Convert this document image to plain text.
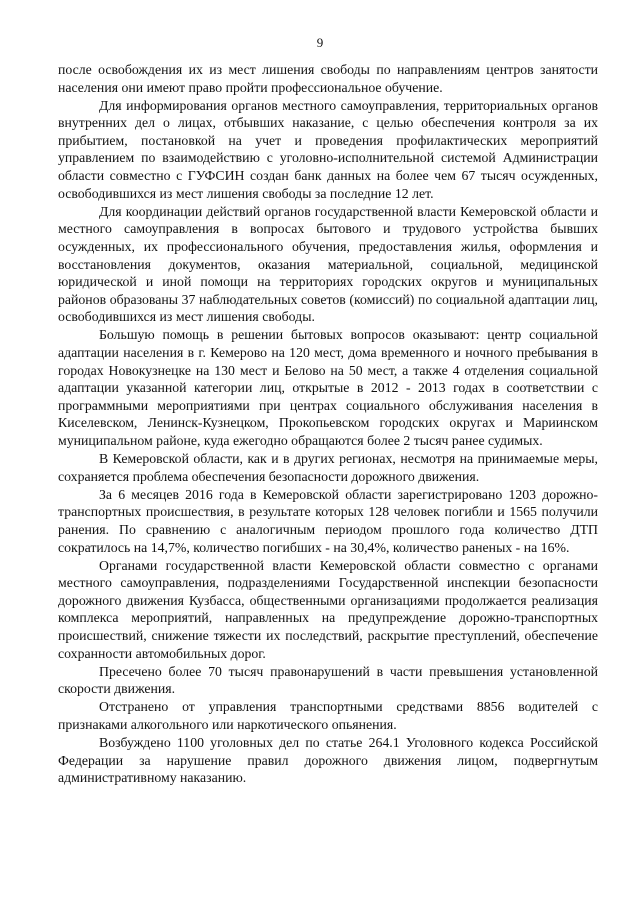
9

после освобождения их из мест лишения свободы по направлениям центров занятости населения они имеют право пройти профессиональное обучение.

Для информирования органов местного самоуправления, территориальных органов внутренних дел о лицах, отбывших наказание, с целью обеспечения контроля за их прибытием, постановкой на учет и проведения профилактических мероприятий управлением по взаимодействию с уголовно-исполнительной системой Администрации области совместно с ГУФСИН создан банк данных на более чем 67 тысяч осужденных, освободившихся из мест лишения свободы за последние 12 лет.

Для координации действий органов государственной власти Кемеровской области и местного самоуправления в вопросах бытового и трудового устройства бывших осужденных, их профессионального обучения, предоставления жилья, оформления и восстановления документов, оказания материальной, социальной, медицинской юридической и иной помощи на территориях городских округов и муниципальных районов образованы 37 наблюдательных советов (комиссий) по социальной адаптации лиц, освободившихся из мест лишения свободы.

Большую помощь в решении бытовых вопросов оказывают: центр социальной адаптации населения в г. Кемерово на 120 мест, дома временного и ночного пребывания в городах Новокузнецке на 130 мест и Белово на 50 мест, а также 4 отделения социальной адаптации указанной категории лиц, открытые в 2012 - 2013 годах в соответствии с программными мероприятиями при центрах социального обслуживания населения в Киселевском, Ленинск-Кузнецком, Прокопьевском городских округах и Мариинском муниципальном районе, куда ежегодно обращаются более 2 тысяч ранее судимых.

В Кемеровской области, как и в других регионах, несмотря на принимаемые меры, сохраняется проблема обеспечения безопасности дорожного движения.

За 6 месяцев 2016 года в Кемеровской области зарегистрировано 1203 дорожно-транспортных происшествия, в результате которых 128 человек погибли и 1565 получили ранения. По сравнению с аналогичным периодом прошлого года количество ДТП сократилось на 14,7%, количество погибших - на 30,4%, количество раненых - на 16%.

Органами государственной власти Кемеровской области совместно с органами местного самоуправления, подразделениями Государственной инспекции безопасности дорожного движения Кузбасса, общественными организациями продолжается реализация комплекса мероприятий, направленных на предупреждение дорожно-транспортных происшествий, снижение тяжести их последствий, раскрытие преступлений, обеспечение сохранности автомобильных дорог.

Пресечено более 70 тысяч правонарушений в части превышения установленной скорости движения.

Отстранено от управления транспортными средствами 8856 водителей с признаками алкогольного или наркотического опьянения.

Возбуждено 1100 уголовных дел по статье 264.1 Уголовного кодекса Российской Федерации за нарушение правил дорожного движения лицом, подвергнутым административному наказанию.
